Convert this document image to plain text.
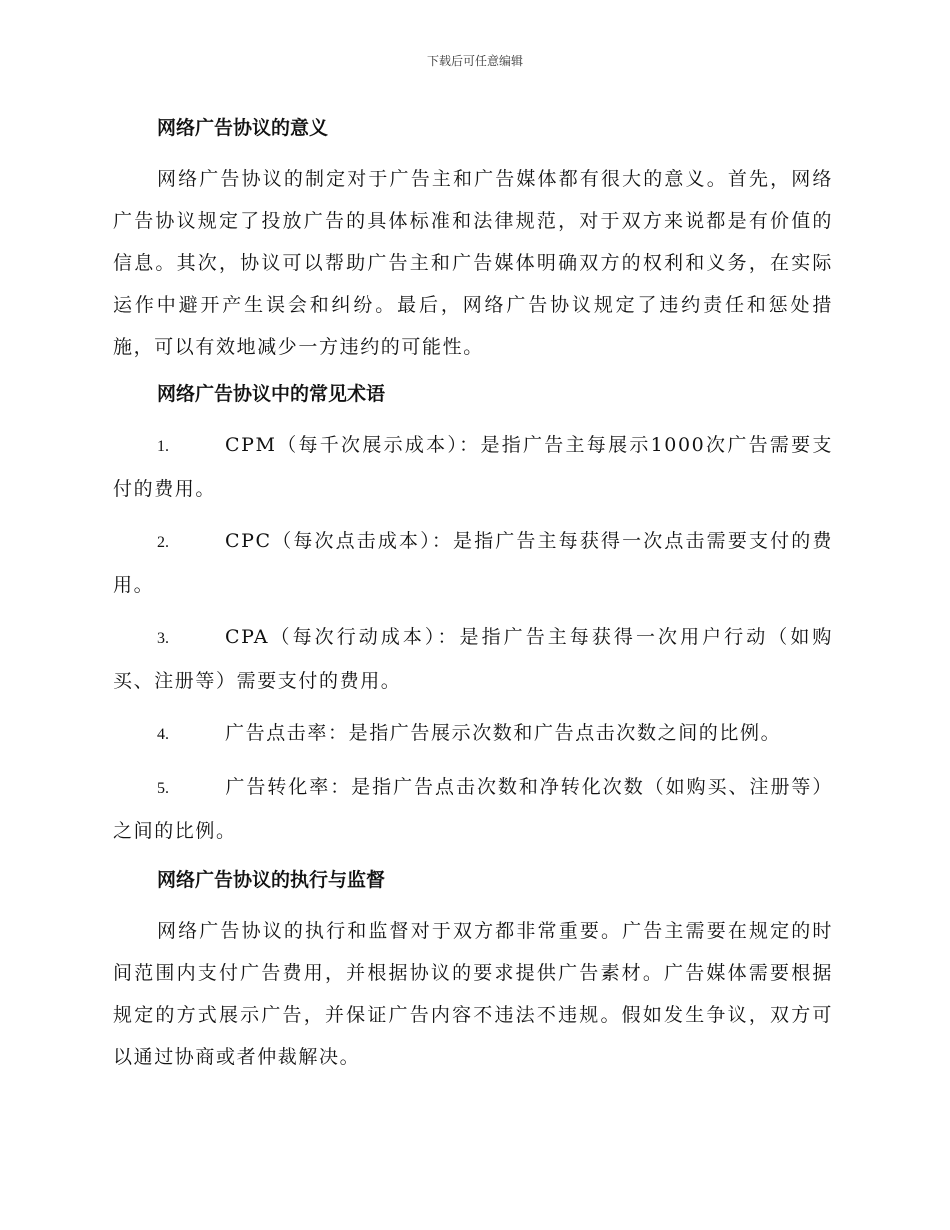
下载后可任意编辑
网络广告协议的意义

网络广告协议的制定对于广告主和广告媒体都有很大的意义。首先，网络广告协议规定了投放广告的具体标准和法律规范，对于双方来说都是有价值的信息。其次，协议可以帮助广告主和广告媒体明确双方的权利和义务，在实际运作中避开产生误会和纠纷。最后，网络广告协议规定了违约责任和惩处措施，可以有效地减少一方违约的可能性。

网络广告协议中的常见术语
1.	CPM（每千次展示成本）：是指广告主每展示1000次广告需要支付的费用。
2.	CPC（每次点击成本）：是指广告主每获得一次点击需要支付的费用。
3.	CPA（每次行动成本）：是指广告主每获得一次用户行动（如购买、注册等）需要支付的费用。
4.	广告点击率：是指广告展示次数和广告点击次数之间的比例。
5.	广告转化率：是指广告点击次数和净转化次数（如购买、注册等）之间的比例。
网络广告协议的执行与监督

网络广告协议的执行和监督对于双方都非常重要。广告主需要在规定的时间范围内支付广告费用，并根据协议的要求提供广告素材。广告媒体需要根据规定的方式展示广告，并保证广告内容不违法不违规。假如发生争议，双方可以通过协商或者仲裁解决。
